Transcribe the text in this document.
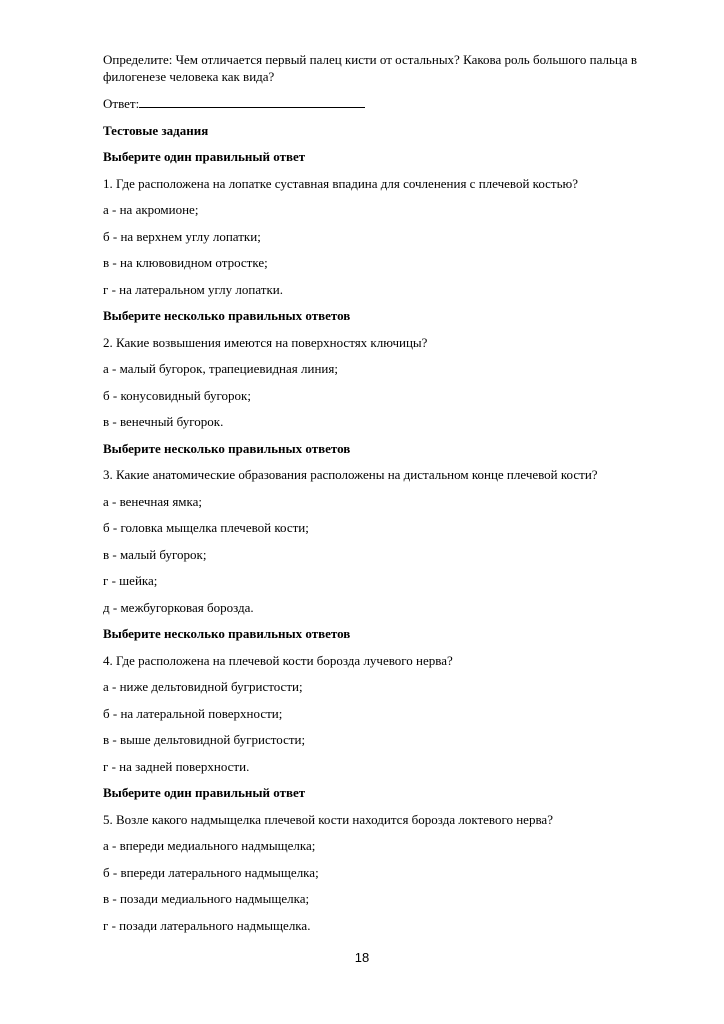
Определите: Чем отличается первый палец кисти от остальных? Какова роль большого пальца в филогенезе человека как вида?

Ответ:
Тестовые задания
Выберите один правильный ответ
1. Где расположена на лопатке суставная впадина для сочленения с плечевой костью?
а - на акромионе;
б - на верхнем углу лопатки;
в - на клювовидном отростке;
г - на латеральном углу лопатки.
Выберите несколько правильных ответов
2. Какие возвышения имеются на поверхностях ключицы?
а - малый бугорок, трапециевидная линия;
б - конусовидный бугорок;
в - венечный бугорок.
Выберите несколько правильных ответов
3. Какие анатомические образования расположены на дистальном конце плечевой кости?
а - венечная ямка;
б - головка мыщелка плечевой кости;
в - малый бугорок;
г - шейка;
д - межбугорковая борозда.
Выберите несколько правильных ответов
4. Где расположена на плечевой кости борозда лучевого нерва?
а - ниже дельтовидной бугристости;
б - на латеральной поверхности;
в - выше дельтовидной бугристости;
г - на задней поверхности.
Выберите один правильный ответ
5. Возле какого надмыщелка плечевой кости находится борозда локтевого нерва?
а - впереди медиального надмыщелка;
б - впереди латерального надмыщелка;
в - позади медиального надмыщелка;
г - позади латерального надмыщелка.
18
